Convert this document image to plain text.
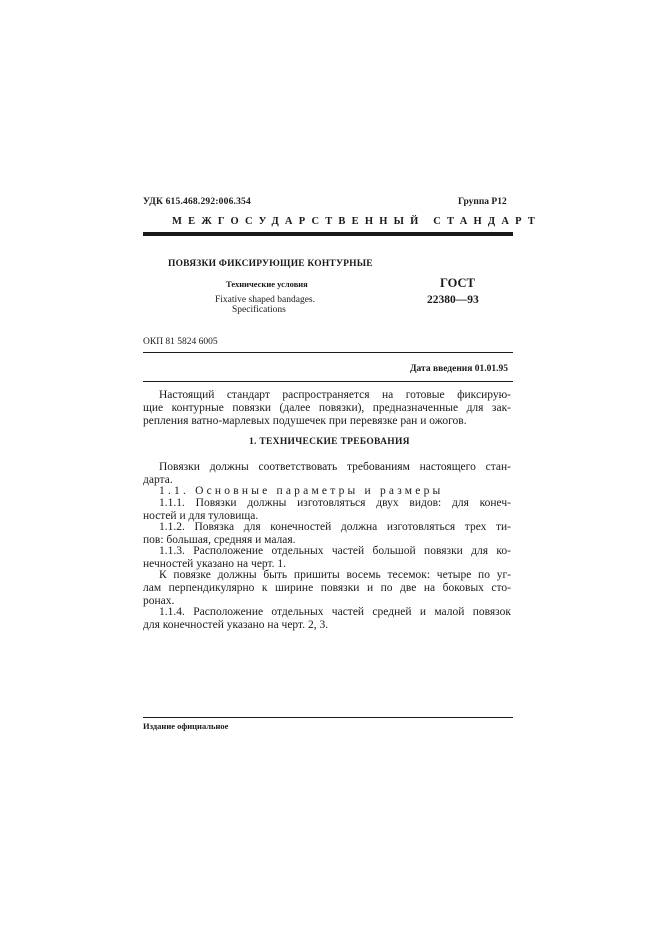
УДК 615.468.292:006.354	Группа Р12
МЕЖГОСУДАРСТВЕННЫЙ СТАНДАРТ
ПОВЯЗКИ ФИКСИРУЮЩИЕ КОНТУРНЫЕ
Технические условия
Fixative shaped bandages.
Specifications
ГОСТ
22380—93
ОКП 81 5824 6005
Дата введения 01.01.95
Настоящий стандарт распространяется на готовые фиксирую-
щие контурные повязки (далее повязки), предназначенные для зак-
репления ватно-марлевых подушечек при перевязке ран и ожогов.
1. ТЕХНИЧЕСКИЕ ТРЕБОВАНИЯ
Повязки должны соответствовать требованиям настоящего стан-
дарта.
1.1. Основные параметры и размеры
1.1.1. Повязки должны изготовляться двух видов: для конеч-
ностей и для туловища.
1.1.2. Повязка для конечностей должна изготовляться трех ти-
пов: большая, средняя и малая.
1.1.3. Расположение отдельных частей большой повязки для ко-
нечностей указано на черт. 1.
К повязке должны быть пришиты восемь тесемок: четыре по уг-
лам перпендикулярно к ширине повязки и по две на боковых сто-
ронах.
1.1.4. Расположение отдельных частей средней и малой повязок
для конечностей указано на черт. 2, 3.
Издание официальное
